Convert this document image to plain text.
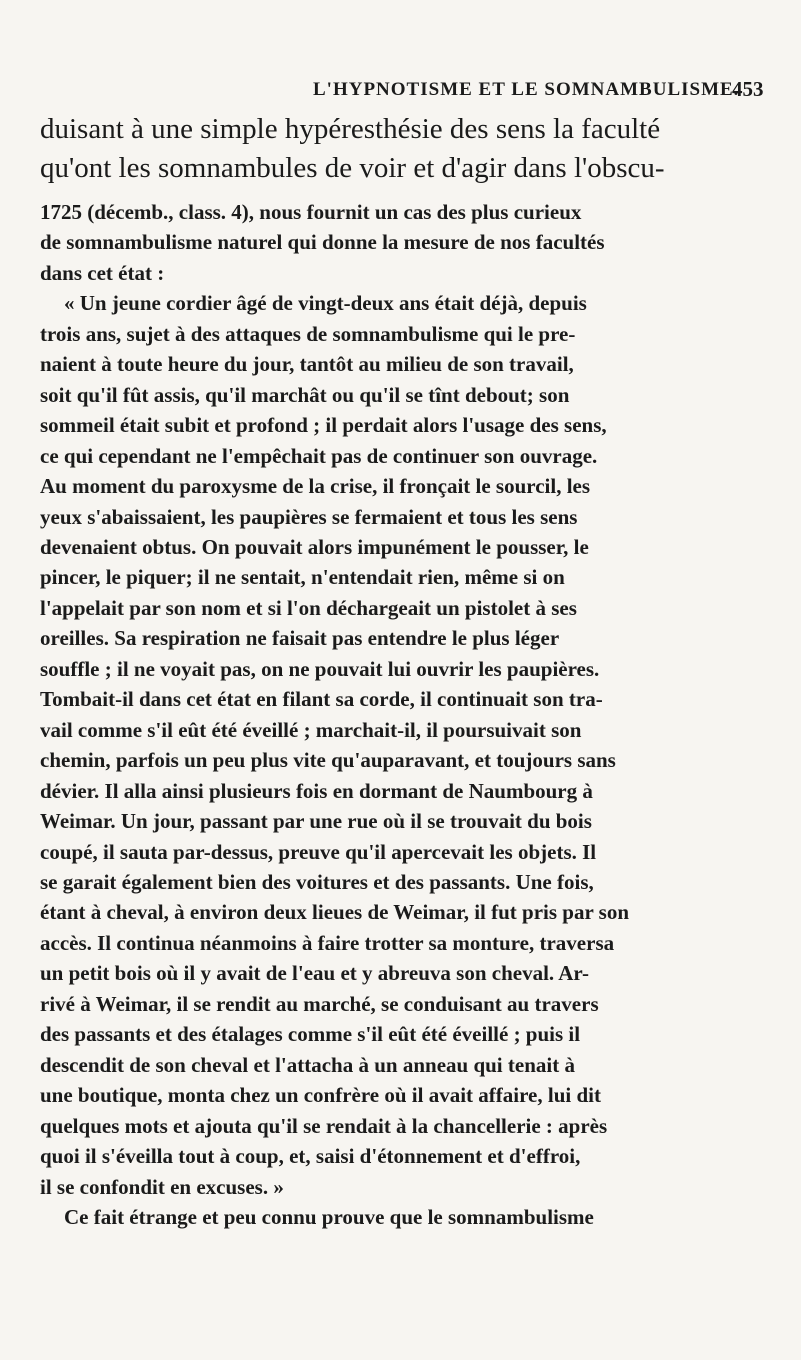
L'HYPNOTISME ET LE SOMNAMBULISME.
453
duisant à une simple hypéresthésie des sens la faculté
qu'ont les somnambules de voir et d'agir dans l'obscu-
1725 (décemb., class. 4), nous fournit un cas des plus curieux
de somnambulisme naturel qui donne la mesure de nos facultés
dans cet état :
« Un jeune cordier âgé de vingt-deux ans était déjà, depuis
trois ans, sujet à des attaques de somnambulisme qui le pre-
naient à toute heure du jour, tantôt au milieu de son travail,
soit qu'il fût assis, qu'il marchât ou qu'il se tînt debout; son
sommeil était subit et profond ; il perdait alors l'usage des sens,
ce qui cependant ne l'empêchait pas de continuer son ouvrage.
Au moment du paroxysme de la crise, il fronçait le sourcil, les
yeux s'abaissaient, les paupières se fermaient et tous les sens
devenaient obtus. On pouvait alors impunément le pousser, le
pincer, le piquer; il ne sentait, n'entendait rien, même si on
l'appelait par son nom et si l'on déchargeait un pistolet à ses
oreilles. Sa respiration ne faisait pas entendre le plus léger
souffle ; il ne voyait pas, on ne pouvait lui ouvrir les paupières.
Tombait-il dans cet état en filant sa corde, il continuait son tra-
vail comme s'il eût été éveillé ; marchait-il, il poursuivait son
chemin, parfois un peu plus vite qu'auparavant, et toujours sans
dévier. Il alla ainsi plusieurs fois en dormant de Naumbourg à
Weimar. Un jour, passant par une rue où il se trouvait du bois
coupé, il sauta par-dessus, preuve qu'il apercevait les objets. Il
se garait également bien des voitures et des passants. Une fois,
étant à cheval, à environ deux lieues de Weimar, il fut pris par son
accès. Il continua néanmoins à faire trotter sa monture, traversa
un petit bois où il y avait de l'eau et y abreuva son cheval. Ar-
rivé à Weimar, il se rendit au marché, se conduisant au travers
des passants et des étalages comme s'il eût été éveillé ; puis il
descendit de son cheval et l'attacha à un anneau qui tenait à
une boutique, monta chez un confrère où il avait affaire, lui dit
quelques mots et ajouta qu'il se rendait à la chancellerie : après
quoi il s'éveilla tout à coup, et, saisi d'étonnement et d'effroi,
il se confondit en excuses. »
Ce fait étrange et peu connu prouve que le somnambulisme
